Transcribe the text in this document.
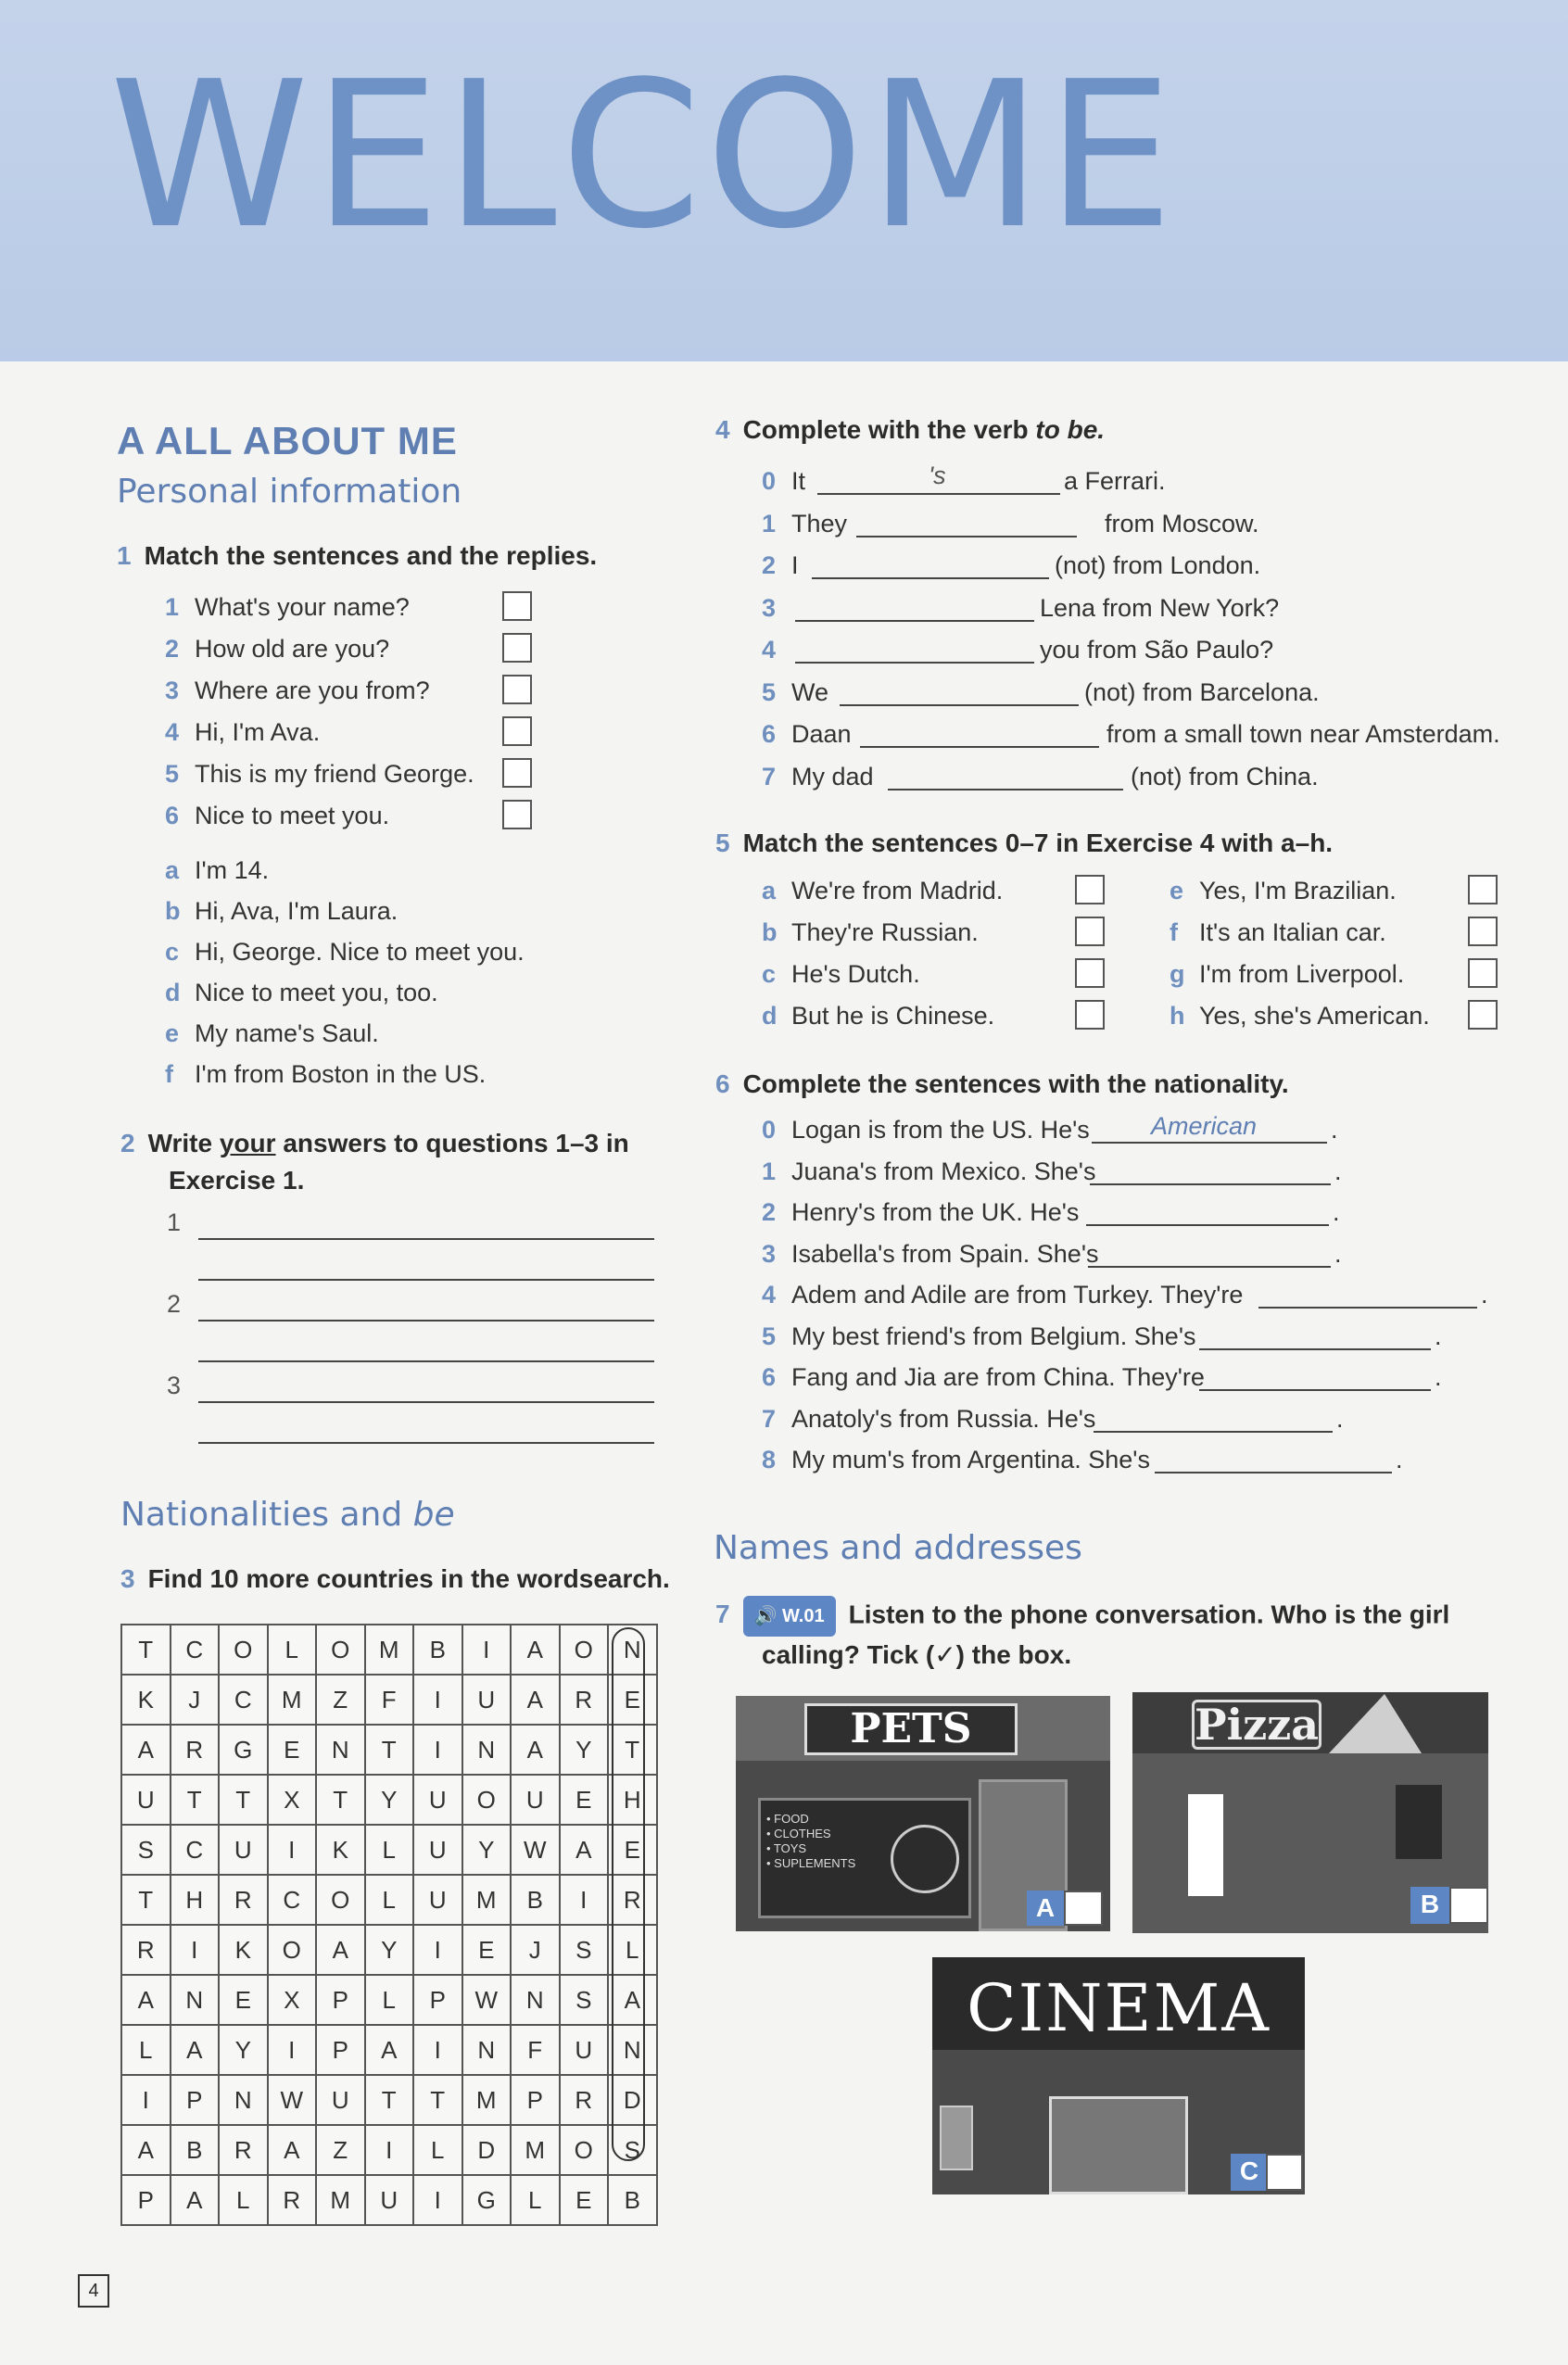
WELCOME
A ALL ABOUT ME
Personal information
1 Match the sentences and the replies.
1 What's your name?
2 How old are you?
3 Where are you from?
4 Hi, I'm Ava.
5 This is my friend George.
6 Nice to meet you.
a I'm 14.
b Hi, Ava, I'm Laura.
c Hi, George. Nice to meet you.
d Nice to meet you, too.
e My name's Saul.
f I'm from Boston in the US.
2 Write your answers to questions 1–3 in
Exercise 1.
1
2
3
Nationalities and be
3 Find 10 more countries in the wordsearch.
T	C	O	L	O	M	B	I	A	O	N
K	J	C	M	Z	F	I	U	A	R	E
A	R	G	E	N	T	I	N	A	Y	T
U	T	T	X	T	Y	U	O	U	E	H
S	C	U	I	K	L	U	Y	W	A	E
T	H	R	C	O	L	U	M	B	I	R
R	I	K	O	A	Y	I	E	J	S	L
A	N	E	X	P	L	P	W	N	S	A
L	A	Y	I	P	A	I	N	F	U	N
I	P	N	W	U	T	T	M	P	R	D
A	B	R	A	Z	I	L	D	M	O	S
P	A	L	R	M	U	I	G	L	E	B
4 Complete with the verb to be.
0 It	's	a Ferrari.
1 They	from Moscow.
2 I	(not) from London.
3	Lena from New York?
4	you from São Paulo?
5 We	(not) from Barcelona.
6 Daan	from a small town near Amsterdam.
7 My dad	(not) from China.
5 Match the sentences 0–7 in Exercise 4 with a–h.
a We're from Madrid.
b They're Russian.
c He's Dutch.
d But he is Chinese.
e Yes, I'm Brazilian.
f It's an Italian car.
g I'm from Liverpool.
h Yes, she's American.
6 Complete the sentences with the nationality.
0 Logan is from the US. He's	.
American
1 Juana's from Mexico. She's	.
2 Henry's from the UK. He's	.
3 Isabella's from Spain. She's	.
4 Adem and Adile are from Turkey. They're	.
5 My best friend's from Belgium. She's	.
6 Fang and Jia are from China. They're	.
7 Anatoly's from Russia. He's	.
8 My mum's from Argentina. She's	.
Names and addresses
7 🔊 W.01 Listen to the phone conversation. Who is the girl
calling? Tick (✓) the box.
PETS
• FOOD
• CLOTHES
• TOYS
• SUPLEMENTS
A
Pizza
B
CINEMA
C
4
